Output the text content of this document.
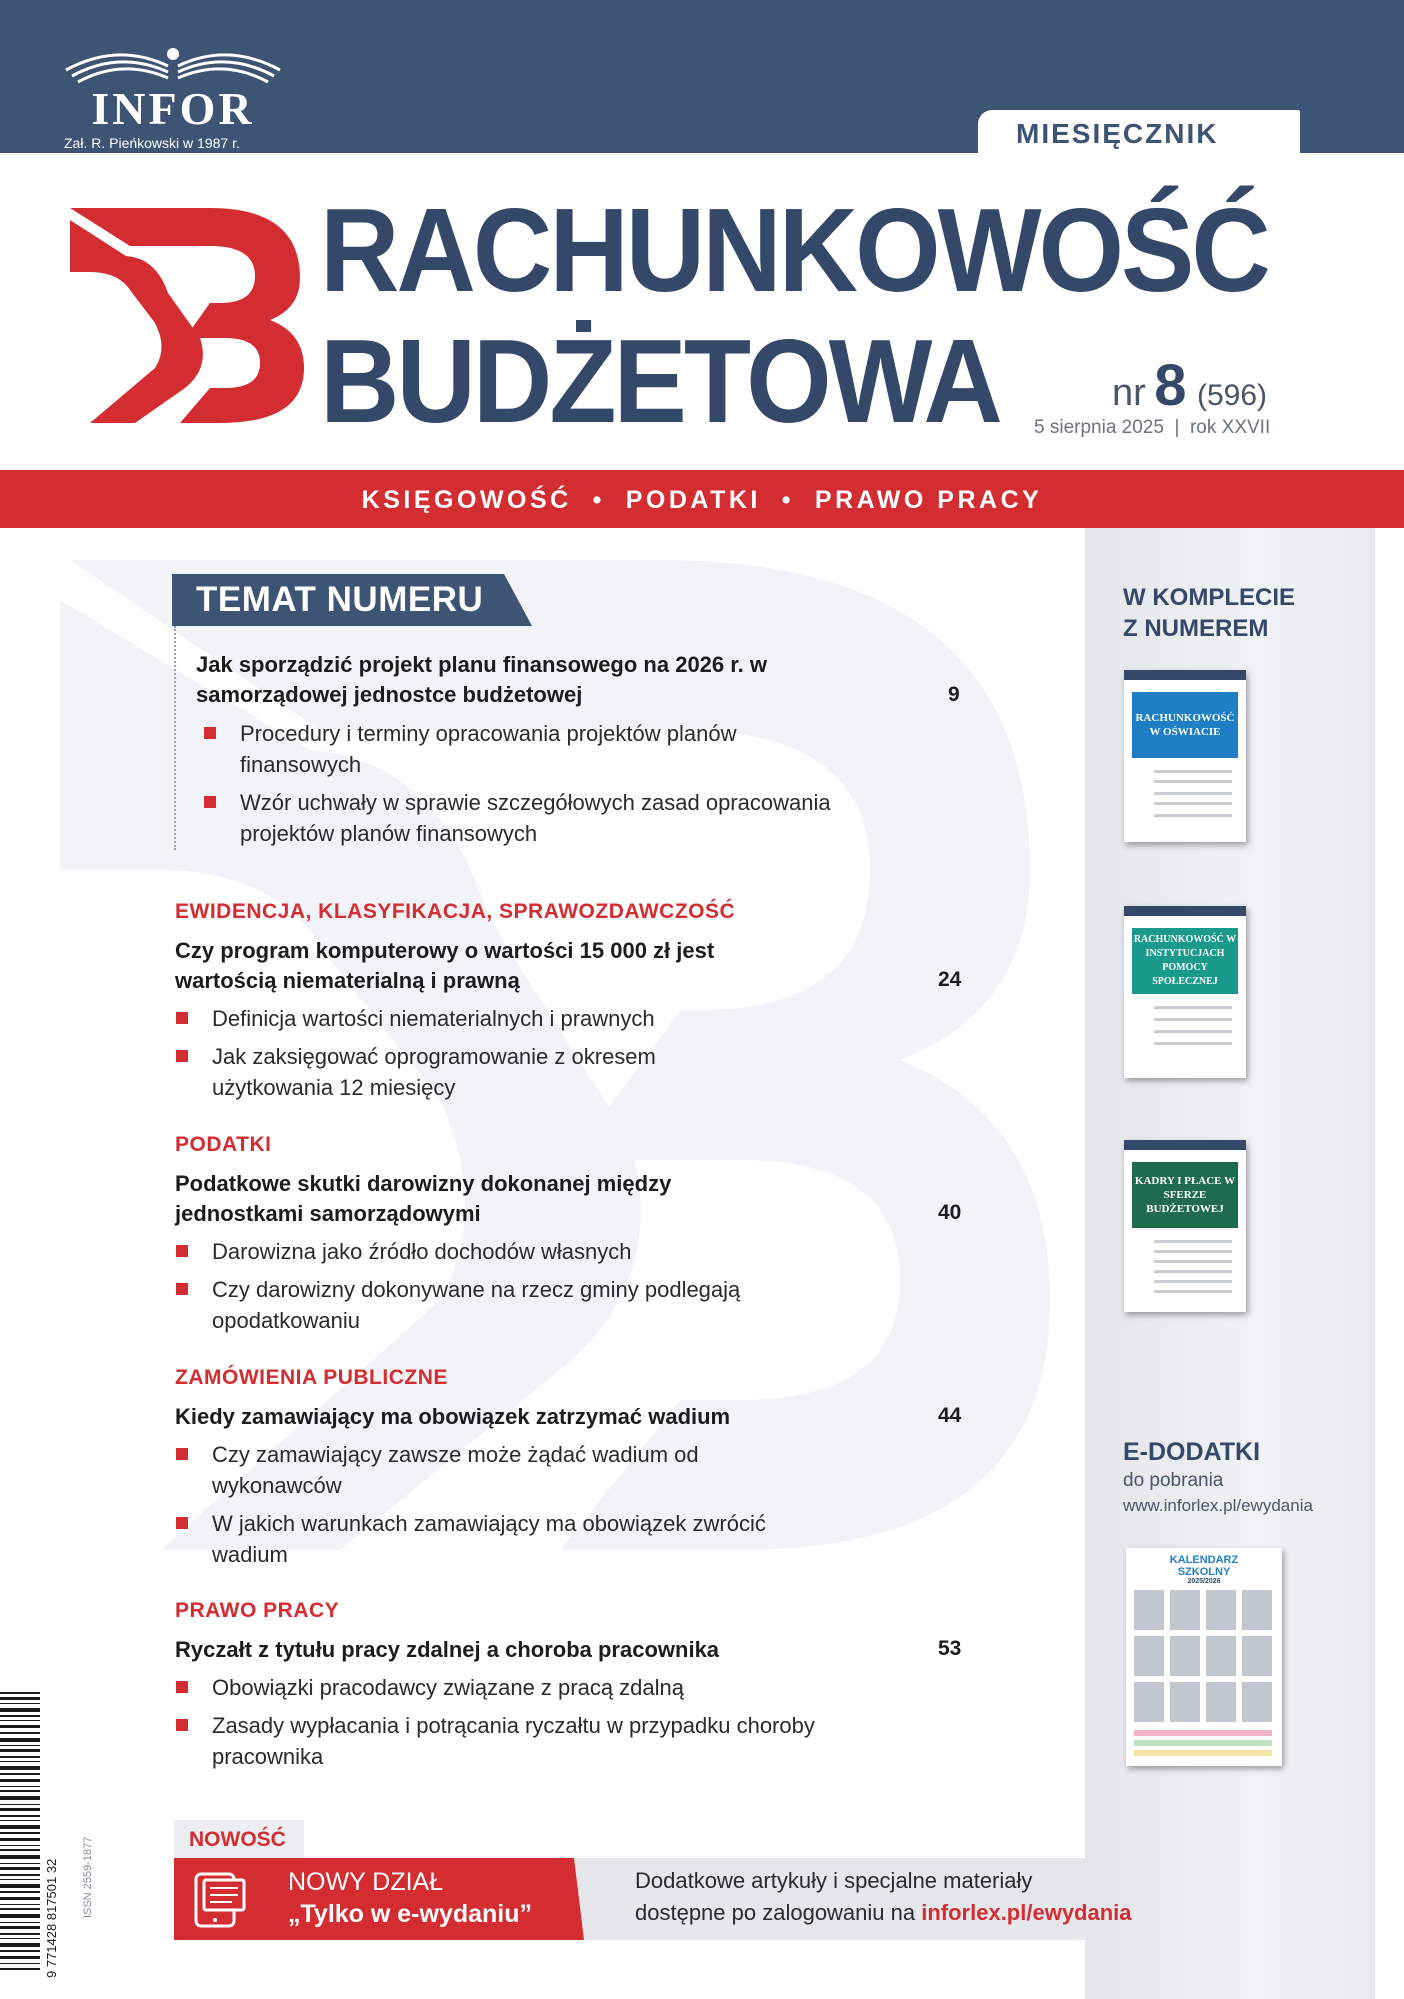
INFOR
Zał. R. Pieńkowski w 1987 r.	MIESIĘCZNIK
RACHUNKOWOŚĆ
BUDŻETOWA	nr 8 (596)
5 sierpnia 2025  |  rok XXVII
KSIĘGOWOŚĆ  •  PODATKI  •  PRAWO PRACY
W KOMPLECIE
Z NUMEREM
RACHUNKOWOŚĆ W OŚWIACIE
RACHUNKOWOŚĆ W INSTYTUCJACH POMOCY SPOŁECZNEJ
KADRY I PŁACE W SFERZE BUDŻETOWEJ
E-DODATKI
do pobrania
www.inforlex.pl/ewydania
KALENDARZ SZKOLNY
2025/2026
TEMAT NUMERU
Jak sporządzić projekt planu finansowego na 2026 r. w samorządowej jednostce budżetowej	9
Procedury i terminy opracowania projektów planów finansowych
Wzór uchwały w sprawie szczegółowych zasad opracowania projektów planów finansowych
EWIDENCJA, KLASYFIKACJA, SPRAWOZDAWCZOŚĆ
Czy program komputerowy o wartości 15 000 zł jest wartością niematerialną i prawną	24
Definicja wartości niematerialnych i prawnych
Jak zaksięgować oprogramowanie z okresem użytkowania 12 miesięcy
PODATKI
Podatkowe skutki darowizny dokonanej między jednostkami samorządowymi	40
Darowizna jako źródło dochodów własnych
Czy darowizny dokonywane na rzecz gminy podlegają opodatkowaniu
ZAMÓWIENIA PUBLICZNE
Kiedy zamawiający ma obowiązek zatrzymać wadium	44
Czy zamawiający zawsze może żądać wadium od wykonawców
W jakich warunkach zamawiający ma obowiązek zwrócić wadium
PRAWO PRACY
Ryczałt z tytułu pracy zdalnej a choroba pracownika	53
Obowiązki pracodawcy związane z pracą zdalną
Zasady wypłacania i potrącania ryczałtu w przypadku choroby pracownika
9 771428 817501 32 ISSN 2559-1877	NOWOŚĆ
NOWY DZIAŁ
„Tylko w e-wydaniu”
Dodatkowe artykuły i specjalne materiały
dostępne po zalogowaniu na inforlex.pl/ewydania
